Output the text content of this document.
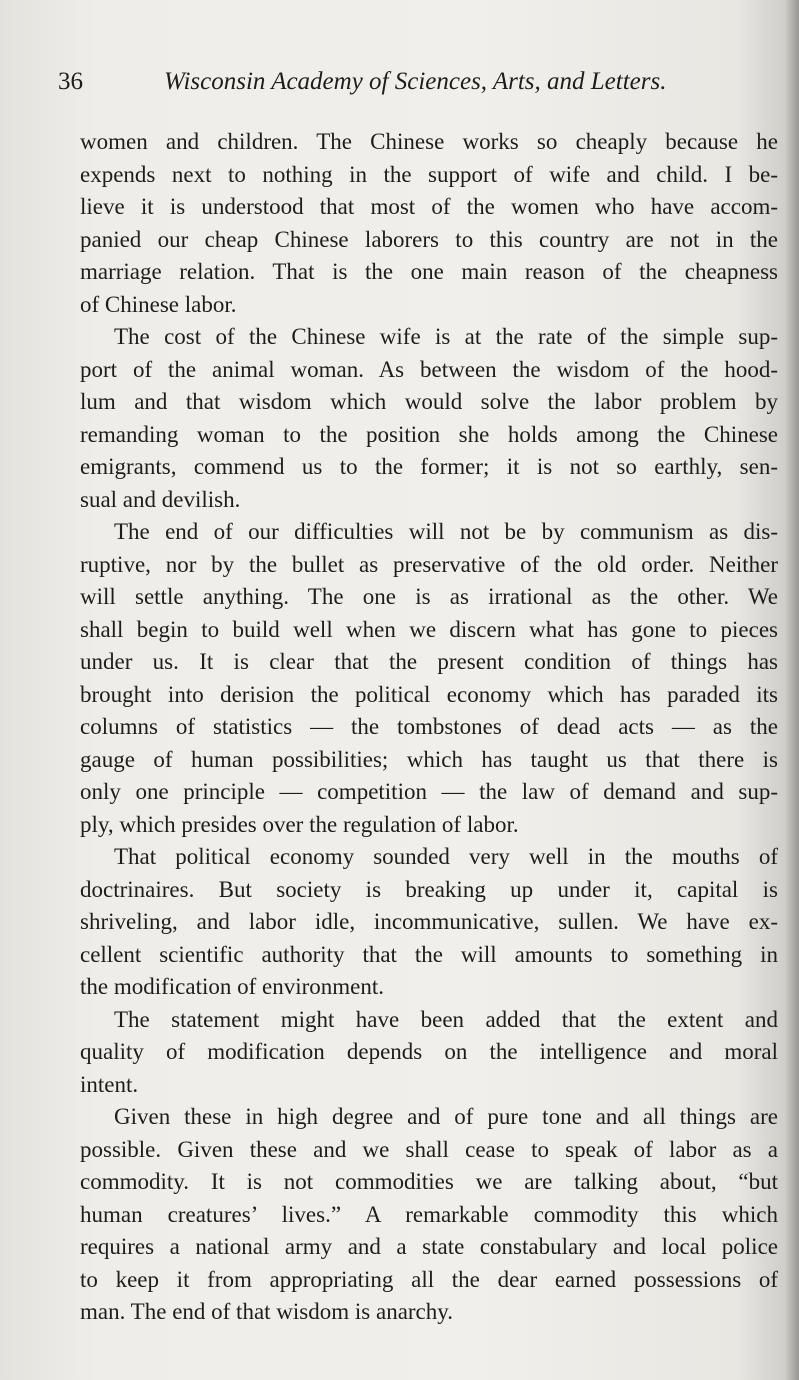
36	Wisconsin Academy of Sciences, Arts, and Letters.
women and children. The Chinese works so cheaply because he
expends next to nothing in the support of wife and child. I be-
lieve it is understood that most of the women who have accom-
panied our cheap Chinese laborers to this country are not in the
marriage relation. That is the one main reason of the cheapness
of Chinese labor.
The cost of the Chinese wife is at the rate of the simple sup-
port of the animal woman. As between the wisdom of the hood-
lum and that wisdom which would solve the labor problem by
remanding woman to the position she holds among the Chinese
emigrants, commend us to the former; it is not so earthly, sen-
sual and devilish.
The end of our difficulties will not be by communism as dis-
ruptive, nor by the bullet as preservative of the old order. Neither
will settle anything. The one is as irrational as the other. We
shall begin to build well when we discern what has gone to pieces
under us. It is clear that the present condition of things has
brought into derision the political economy which has paraded its
columns of statistics — the tombstones of dead acts — as the
gauge of human possibilities; which has taught us that there is
only one principle — competition — the law of demand and sup-
ply, which presides over the regulation of labor.
That political economy sounded very well in the mouths of
doctrinaires. But society is breaking up under it, capital is
shriveling, and labor idle, incommunicative, sullen. We have ex-
cellent scientific authority that the will amounts to something in
the modification of environment.
The statement might have been added that the extent and
quality of modification depends on the intelligence and moral
intent.
Given these in high degree and of pure tone and all things are
possible. Given these and we shall cease to speak of labor as a
commodity. It is not commodities we are talking about, “but
human creatures’ lives.” A remarkable commodity this which
requires a national army and a state constabulary and local police
to keep it from appropriating all the dear earned possessions of
man. The end of that wisdom is anarchy.
